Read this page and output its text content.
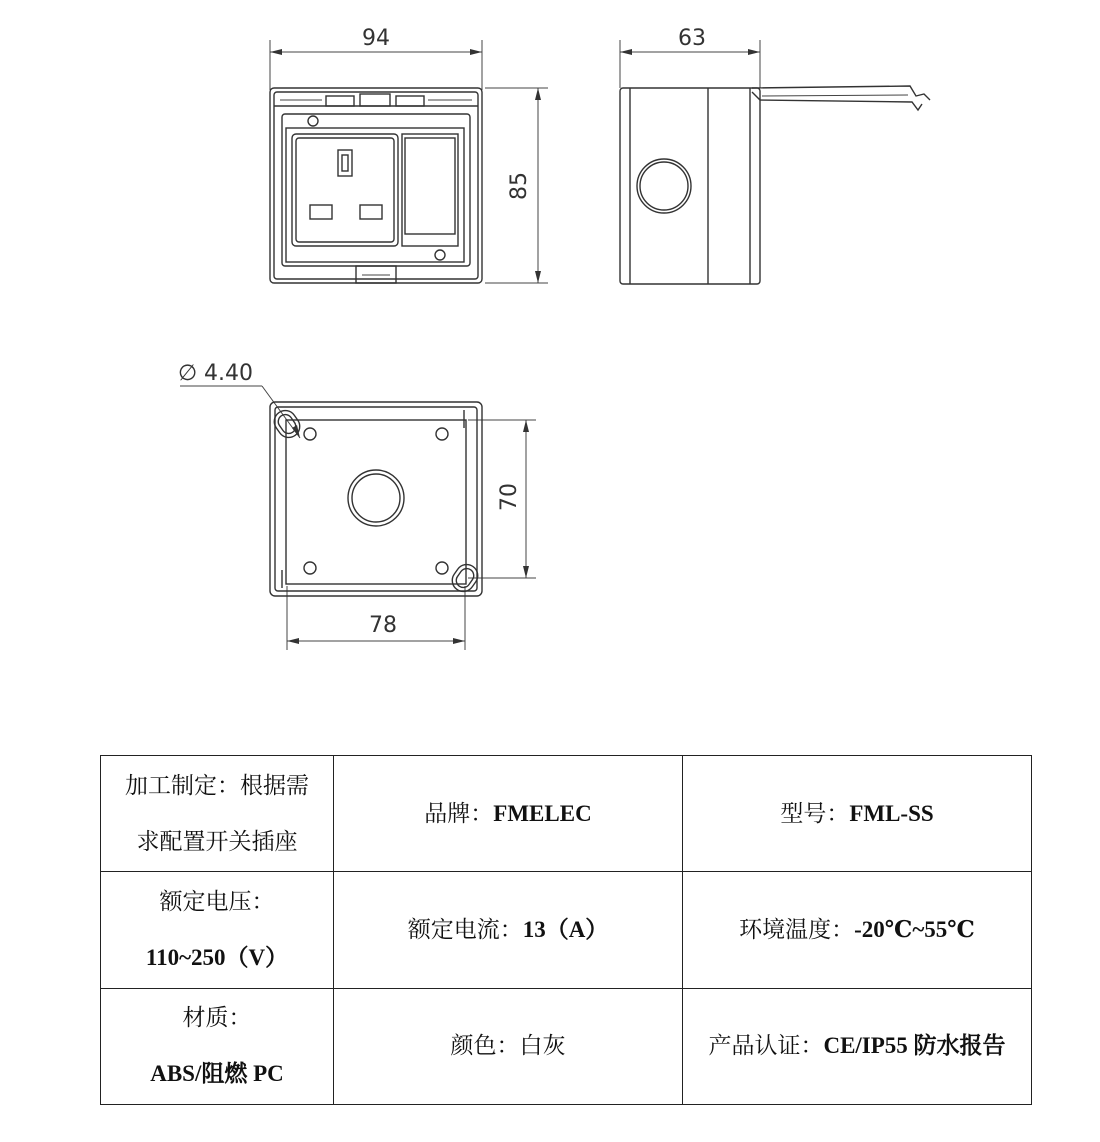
94
85
63
∅ 4.40
70
78
加工制定：根据需
求配置开关插座	品牌：FMELEC	型号：FML-SS

额定电压：
110~250（V）	额定电流：13（A）	环境温度：-20℃~55℃

材质：
ABS/阻燃 PC	颜色：白灰	产品认证：CE/IP55 防水报告
